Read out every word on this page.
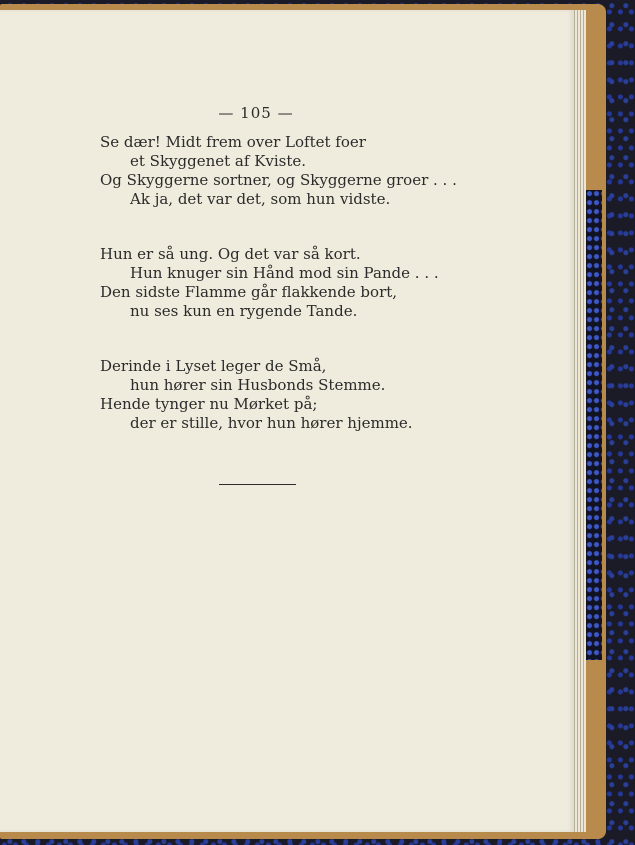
— 105 —
Se dær! Midt frem over Loftet foer
et Skyggenet af Kviste.
Og Skyggerne sortner, og Skyggerne groer . . .
Ak ja, det var det, som hun vidste.
Hun er så ung. Og det var så kort.
Hun knuger sin Hånd mod sin Pande . . .
Den sidste Flamme går flakkende bort,
nu ses kun en rygende Tande.
Derinde i Lyset leger de Små,
hun hører sin Husbonds Stemme.
Hende tynger nu Mørket på;
der er stille, hvor hun hører hjemme.
